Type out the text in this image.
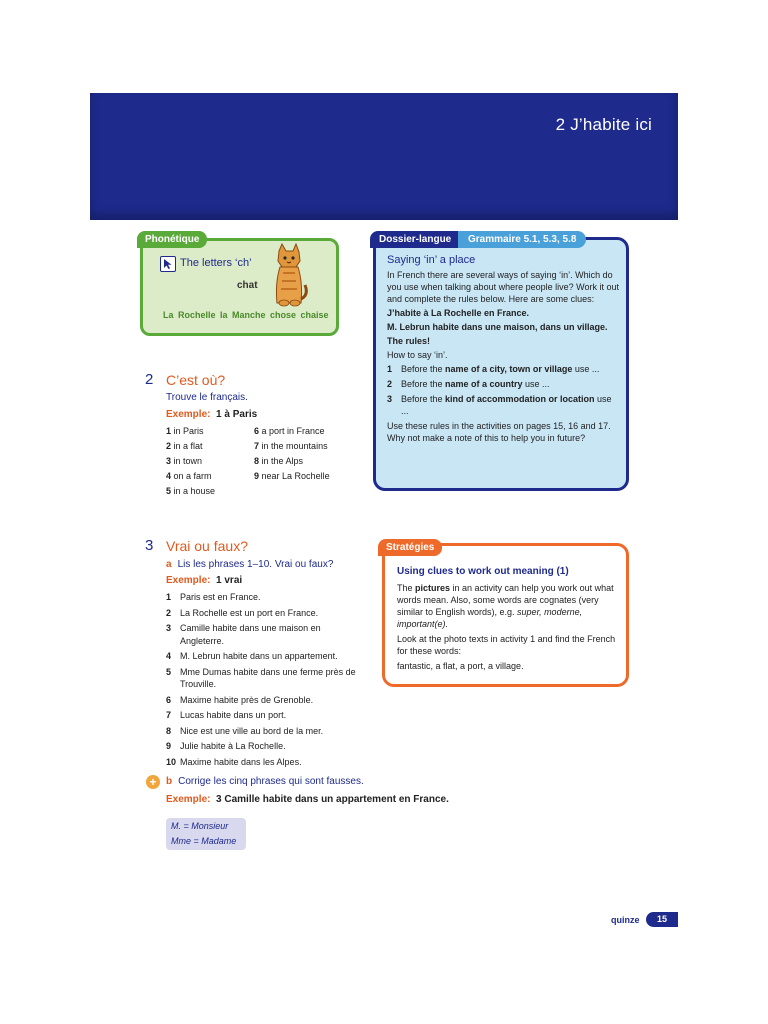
2 J’habite ici
Phonétique
The letters ‘ch’
chat
La Rochelle la Manche chose chaise
Dossier-langue	Grammaire 5.1, 5.3, 5.8
Saying ‘in’ a place

In French there are several ways of saying ‘in’. Which do you use when talking about where people live? Work it out and complete the rules below. Here are some clues:

J’habite à La Rochelle en France.

M. Lebrun habite dans une maison, dans un village.

The rules!

How to say ‘in’.

1 Before the name of a city, town or village use ...
2 Before the name of a country use ...
3 Before the kind of accommodation or location use ...

Use these rules in the activities on pages 15, 16 and 17. Why not make a note of this to help you in future?

2 C’est où?
Trouve le français.
Exemple: 1 à Paris
1 in Paris
2 in a flat
3 in town
4 on a farm
5 in a house
6 a port in France
7 in the mountains
8 in the Alps
9 near La Rochelle
3 Vrai ou faux?
a Lis les phrases 1–10. Vrai ou faux?
Exemple: 1 vrai
1 Paris est en France.
2 La Rochelle est un port en France.
3 Camille habite dans une maison en Angleterre.
4 M. Lebrun habite dans un appartement.
5 Mme Dumas habite dans une ferme près de Trouville.
6 Maxime habite près de Grenoble.
7 Lucas habite dans un port.
8 Nice est une ville au bord de la mer.
9 Julie habite à La Rochelle.
10 Maxime habite dans les Alpes.
+ b Corrige les cinq phrases qui sont fausses.
Exemple: 3 Camille habite dans un appartement en France.
M. = Monsieur
Mme = Madame
Stratégies
Using clues to work out meaning (1)

The pictures in an activity can help you work out what words mean. Also, some words are cognates (very similar to English words), e.g. super, moderne, important(e).

Look at the photo texts in activity 1 and find the French for these words:

fantastic, a flat, a port, a village.

quinze	15
